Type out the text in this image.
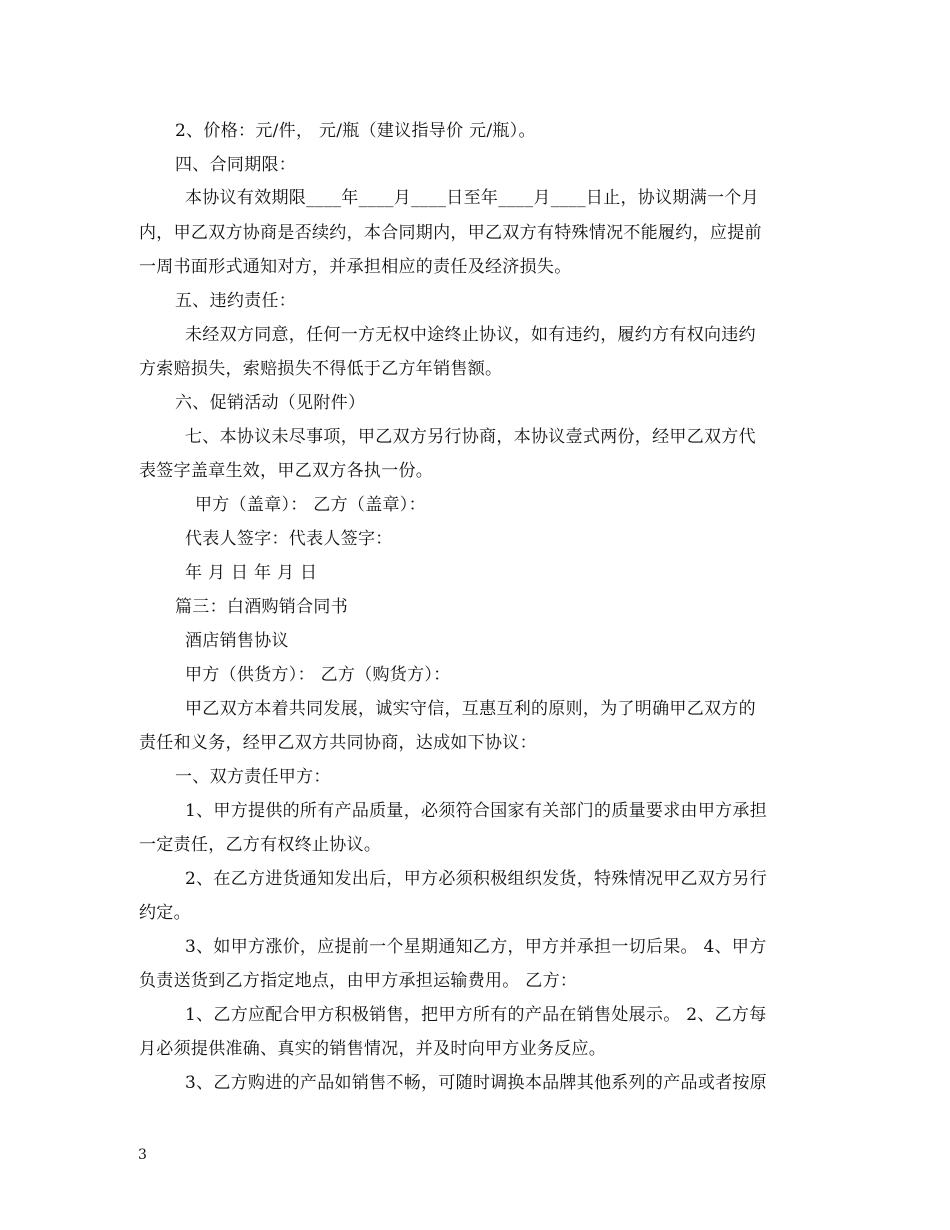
2、价格：元/件， 元/瓶（建议指导价 元/瓶）。
四、合同期限：
本协议有效期限____年____月____日至年____月____日止，协议期满一个月
内，甲乙双方协商是否续约，本合同期内，甲乙双方有特殊情况不能履约，应提前
一周书面形式通知对方，并承担相应的责任及经济损失。
五、违约责任：
未经双方同意，任何一方无权中途终止协议，如有违约，履约方有权向违约
方索赔损失，索赔损失不得低于乙方年销售额。
六、促销活动（见附件）
七、本协议未尽事项，甲乙双方另行协商，本协议壹式两份，经甲乙双方代
表签字盖章生效，甲乙双方各执一份。
甲方（盖章）： 乙方（盖章）：
代表人签字：代表人签字：
年 月 日 年 月 日
篇三：白酒购销合同书
酒店销售协议
甲方（供货方）： 乙方（购货方）：
甲乙双方本着共同发展，诚实守信，互惠互利的原则，为了明确甲乙双方的
责任和义务，经甲乙双方共同协商，达成如下协议：
一、双方责任甲方：
1、甲方提供的所有产品质量，必须符合国家有关部门的质量要求由甲方承担
一定责任，乙方有权终止协议。
2、在乙方进货通知发出后，甲方必须积极组织发货，特殊情况甲乙双方另行
约定。
3、如甲方涨价，应提前一个星期通知乙方，甲方并承担一切后果。 4、甲方
负责送货到乙方指定地点，由甲方承担运输费用。 乙方：
1、乙方应配合甲方积极销售，把甲方所有的产品在销售处展示。 2、乙方每
月必须提供准确、真实的销售情况，并及时向甲方业务反应。
3、乙方购进的产品如销售不畅，可随时调换本品牌其他系列的产品或者按原
3
